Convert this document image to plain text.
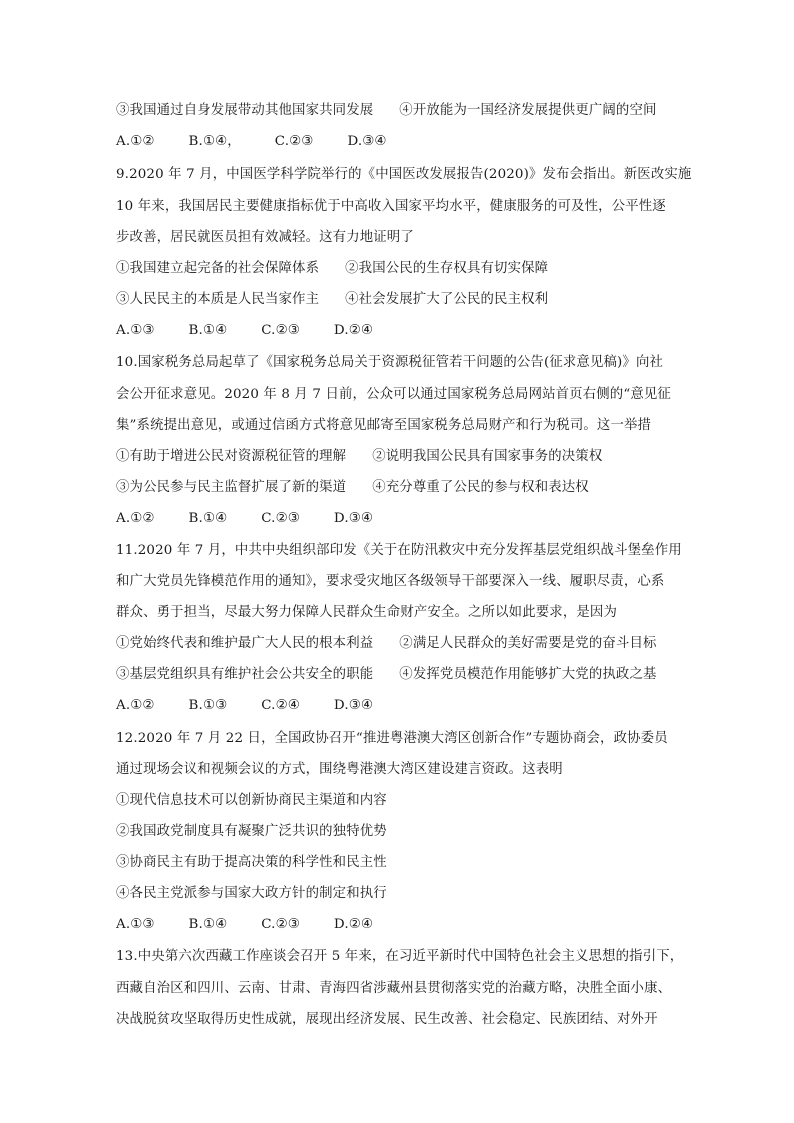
③我国通过自身发展带动其他国家共同发展 ④开放能为一国经济发展提供更广阔的空间
A.①②	B.①④，	C.②③	D.③④
9.2020 年 7 月，中国医学科学院举行的《中国医改发展报告(2020)》发布会指出。新医改实施
10 年来，我国居民主要健康指标优于中高收入国家平均水平，健康服务的可及性，公平性逐
步改善，居民就医员担有效减轻。这有力地证明了
①我国建立起完备的社会保障体系 ②我国公民的生存权具有切实保障
③人民民主的本质是人民当家作主 ④社会发展扩大了公民的民主权利
A.①③	B.①④	C.②③	D.②④
10.国家税务总局起草了《国家税务总局关于资源税征管若干问题的公告(征求意见稿)》向社
会公开征求意见。2020 年 8 月 7 日前，公众可以通过国家税务总局网站首页右侧的“意见征
集”系统提出意见，或通过信函方式将意见邮寄至国家税务总局财产和行为税司。这一举措
①有助于增进公民对资源税征管的理解 ②说明我国公民具有国家事务的决策权
③为公民参与民主监督扩展了新的渠道 ④充分尊重了公民的参与权和表达权
A.①②	B.①④	C.②③	D.③④
11.2020 年 7 月，中共中央组织部印发《关于在防汛救灾中充分发挥基层党组织战斗堡垒作用
和广大党员先锋模范作用的通知》，要求受灾地区各级领导干部要深入一线、履职尽责，心系
群众、勇于担当，尽最大努力保障人民群众生命财产安全。之所以如此要求，是因为
①党始终代表和维护最广大人民的根本利益 ②满足人民群众的美好需要是党的奋斗目标
③基层党组织具有维护社会公共安全的职能 ④发挥党员模范作用能够扩大党的执政之基
A.①②	B.①③	C.②④	D.③④
12.2020 年 7 月 22 日，全国政协召开“推进粤港澳大湾区创新合作”专题协商会，政协委员
通过现场会议和视频会议的方式，围绕粤港澳大湾区建设建言资政。这表明
①现代信息技术可以创新协商民主渠道和内容
②我国政党制度具有凝聚广泛共识的独特优势
③协商民主有助于提高决策的科学性和民主性
④各民主党派参与国家大政方针的制定和执行
A.①③	B.①④	C.②③	D.②④
13.中央第六次西藏工作座谈会召开 5 年来，在习近平新时代中国特色社会主义思想的指引下，
西藏自治区和四川、云南、甘肃、青海四省涉藏州县贯彻落实党的治藏方略，决胜全面小康、
决战脱贫攻坚取得历史性成就，展现出经济发展、民生改善、社会稳定、民族团结、对外开
